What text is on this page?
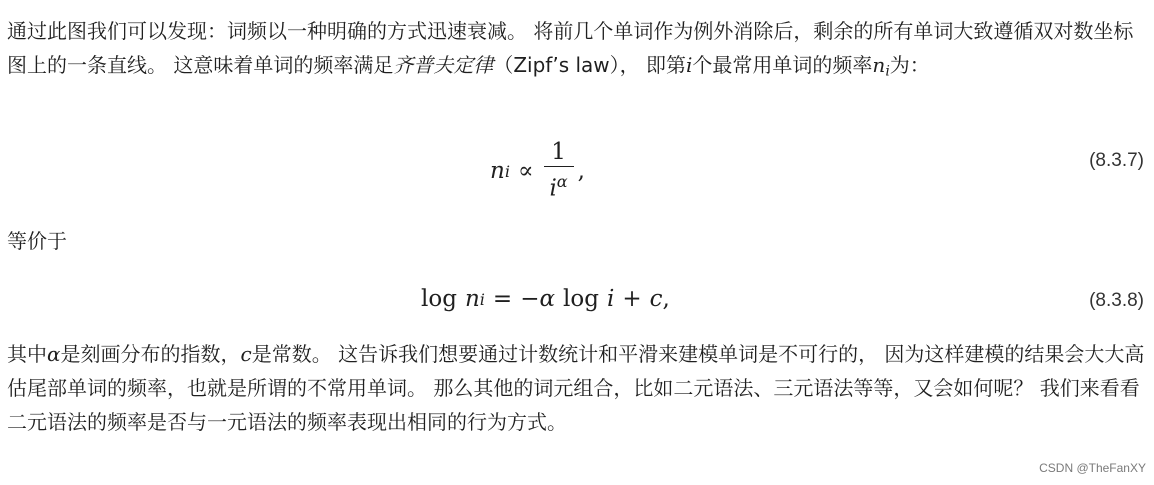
通过此图我们可以发现：词频以一种明确的方式迅速衰减。 将前几个单词作为例外消除后，剩余的所有单词大致遵循双对数坐标图上的一条直线。 这意味着单词的频率满足齐普夫定律（Zipf’s law）， 即第i个最常用单词的频率$n_i$为：

n $i \propto \frac{1}{i^\alpha}$ ,	(8.3.7)

等价于

log n i = − α log i + c ,	(8.3.8)

其中α是刻画分布的指数，c是常数。 这告诉我们想要通过计数统计和平滑来建模单词是不可行的， 因为这样建模的结果会大大高估尾部单词的频率，也就是所谓的不常用单词。 那么其他的词元组合，比如二元语法、三元语法等等，又会如何呢？ 我们来看看二元语法的频率是否与一元语法的频率表现出相同的行为方式。

CSDN @TheFanXY
